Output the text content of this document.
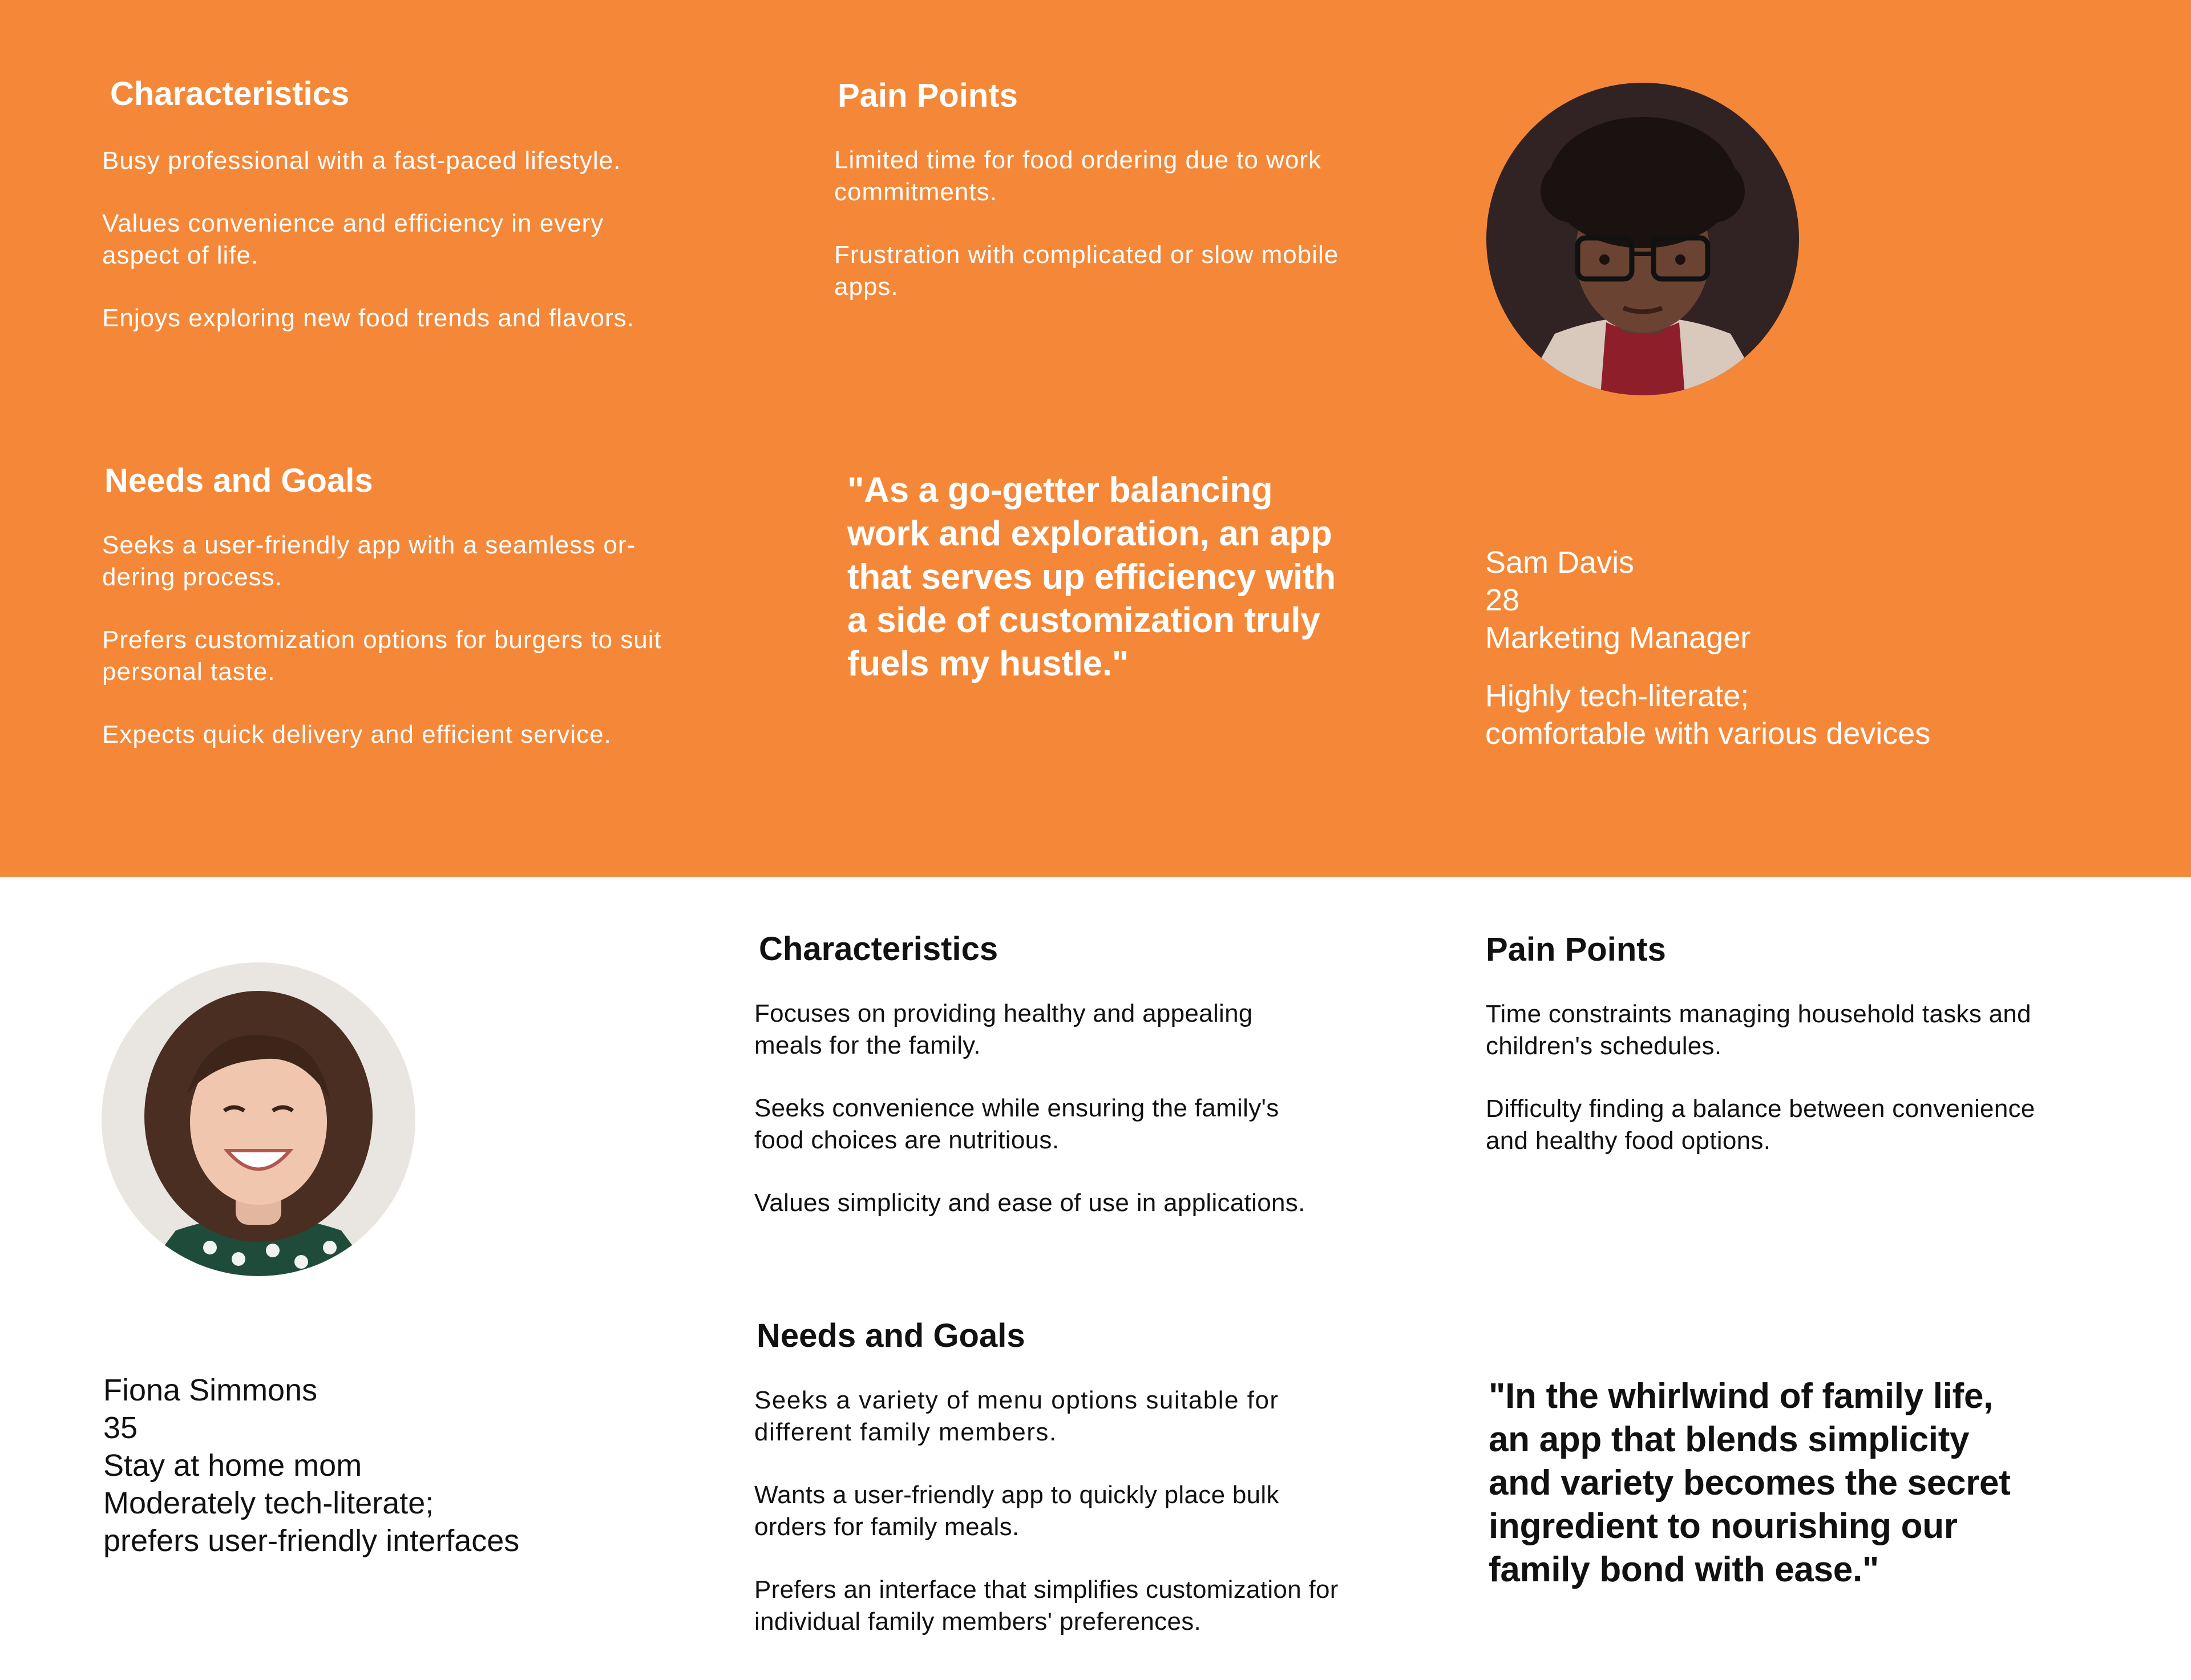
Characteristics

Busy professional with a fast-paced lifestyle.

Values convenience and efficiency in every aspect of life.

Enjoys exploring new food trends and flavors.

Pain Points

Limited time for food ordering due to work commitments.

Frustration with complicated or slow mobile apps.

Needs and Goals

Seeks a user-friendly app with a seamless or-dering process.

Prefers customization options for burgers to suit personal taste.

Expects quick delivery and efficient service.

"As a go-getter balancing work and exploration, an app that serves up efficiency with a side of customization truly fuels my hustle."

Sam Davis
28
Marketing Manager
Highly tech-literate;
comfortable with various devices
Characteristics

Focuses on providing healthy and appealing meals for the family.

Seeks convenience while ensuring the family's food choices are nutritious.

Values simplicity and ease of use in applications.

Pain Points

Time constraints managing household tasks and children's schedules.

Difficulty finding a balance between convenience and healthy food options.

Needs and Goals

Seeks a variety of menu options suitable for different family members.

Wants a user-friendly app to quickly place bulk orders for family meals.

Prefers an interface that simplifies customization for individual family members' preferences.

Fiona Simmons
35
Stay at home mom
Moderately tech-literate;
prefers user-friendly interfaces

"In the whirlwind of family life, an app that blends simplicity and variety becomes the secret ingredient to nourishing our family bond with ease."
